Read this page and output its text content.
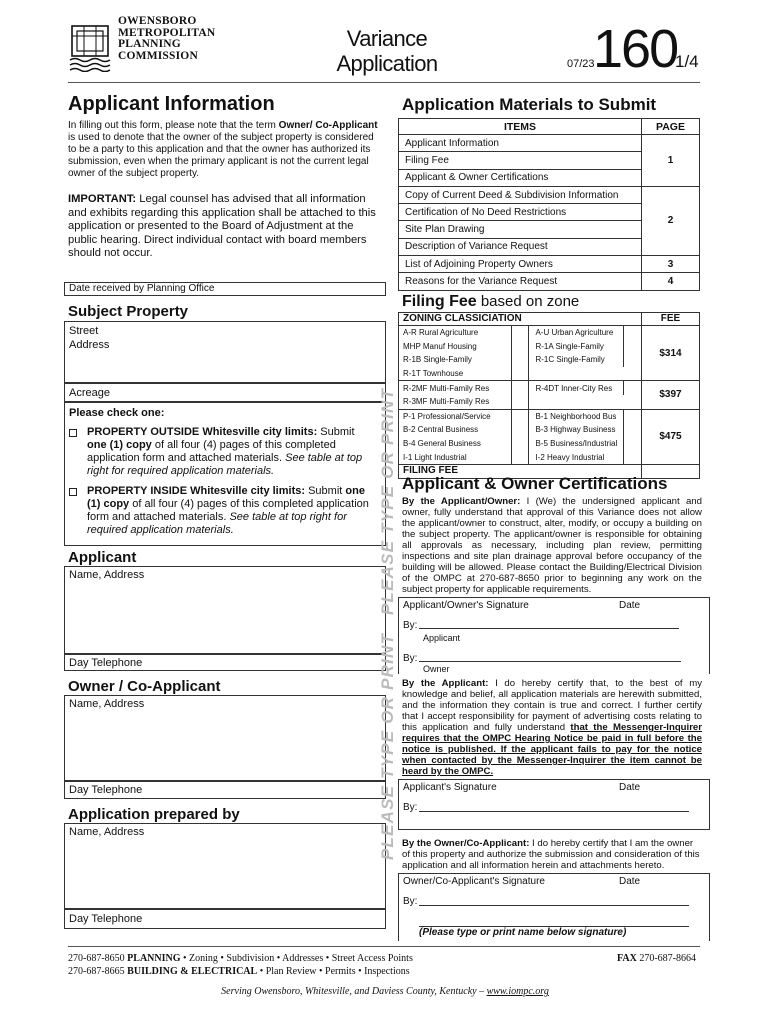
OWENSBORO
METROPOLITAN
PLANNING
COMMISSION
Variance
Application	07/23
160
1/4
Applicant Information
In filling out this form, please note that the term Owner/ Co-Applicant is used to denote that the owner of the subject property is considered to be a party to this application and that the owner has authorized its submission, even when the primary applicant is not the current legal owner of the subject property.
IMPORTANT: Legal counsel has advised that all information and exhibits regarding this application shall be attached to this application or presented to the Board of Adjustment at the public hearing. Direct individual contact with board members should not occur.
Date received by Planning Office
Subject Property
Street
Address
Acreage
Please check one:
PROPERTY OUTSIDE Whitesville city limits: Submit one (1) copy of all four (4) pages of this completed application form and attached materials. See table at top right for required application materials.
PROPERTY INSIDE Whitesville city limits: Submit one (1) copy of all four (4) pages of this completed application form and attached materials. See table at top right for required application materials.
Applicant
Name, Address
Day Telephone
Owner / Co-Applicant
Name, Address
Day Telephone
Application prepared by
Name, Address
Day Telephone
PLEASE TYPE OR PRINT
PLEASE TYPE OR PRINT
Application Materials to Submit
ITEMS	PAGE
Applicant Information	1
Filing Fee	
Applicant & Owner Certifications	
Copy of Current Deed & Subdivision Information	2
Certification of No Deed Restrictions	
Site Plan Drawing	
Description of Variance Request	
List of Adjoining Property Owners	3
Reasons for the Variance Request	4
Filing Fee based on zone
ZONING CLASSICIATION	FEE
A-R Rural Agriculture	A-U Urban Agriculture
MHP Manuf Housing	R-1A Single-Family
R-1B Single-Family	R-1C Single-Family
R-1T Townhouse
$314
R-2MF Multi-Family Res	R-4DT Inner-City Res
R-3MF Multi-Family Res
$397
P-1 Professional/Service	B-1 Neighborhood Bus
B-2 Central Business	B-3 Highway Business
B-4 General Business	B-5 Business/Industrial
I-1 Light Industrial	I-2 Heavy Industrial
$475
FILING FEE
Applicant & Owner Certifications
By the Applicant/Owner: I (We) the undersigned applicant and owner, fully understand that approval of this Variance does not allow the applicant/owner to construct, alter, modify, or occupy a building on the subject property. The applicant/owner is responsible for obtaining all approvals as necessary, including plan review, permitting inspections and site plan drainage approval before occupancy of the building will be allowed. Please contact the Building/Electrical Division of the OMPC at 270-687-8650 prior to beginning any work on the subject property for applicable requirements.
Applicant/Owner's Signature	Date
By:
Applicant
By:
Owner
By the Applicant: I do hereby certify that, to the best of my knowledge and belief, all application materials are herewith submitted, and the information they contain is true and correct. I further certify that I accept responsibility for payment of advertising costs relating to this application and fully understand that the Messenger-Inquirer requires that the OMPC Hearing Notice be paid in full before the notice is published. If the applicant fails to pay for the notice when contacted by the Messenger-Inquirer the item cannot be heard by the OMPC.
Applicant's Signature	Date
By:
By the Owner/Co-Applicant: I do hereby certify that I am the owner of this property and authorize the submission and consideration of this application and all information herein and attachments hereto.
Owner/Co-Applicant's Signature	Date
By:
(Please type or print name below signature)
270-687-8650 PLANNING • Zoning • Subdivision • Addresses • Street Access Points
270-687-8665 BUILDING & ELECTRICAL • Plan Review • Permits • Inspections
FAX 270-687-8664
Serving Owensboro, Whitesville, and Daviess County, Kentucky – www.iompc.org
